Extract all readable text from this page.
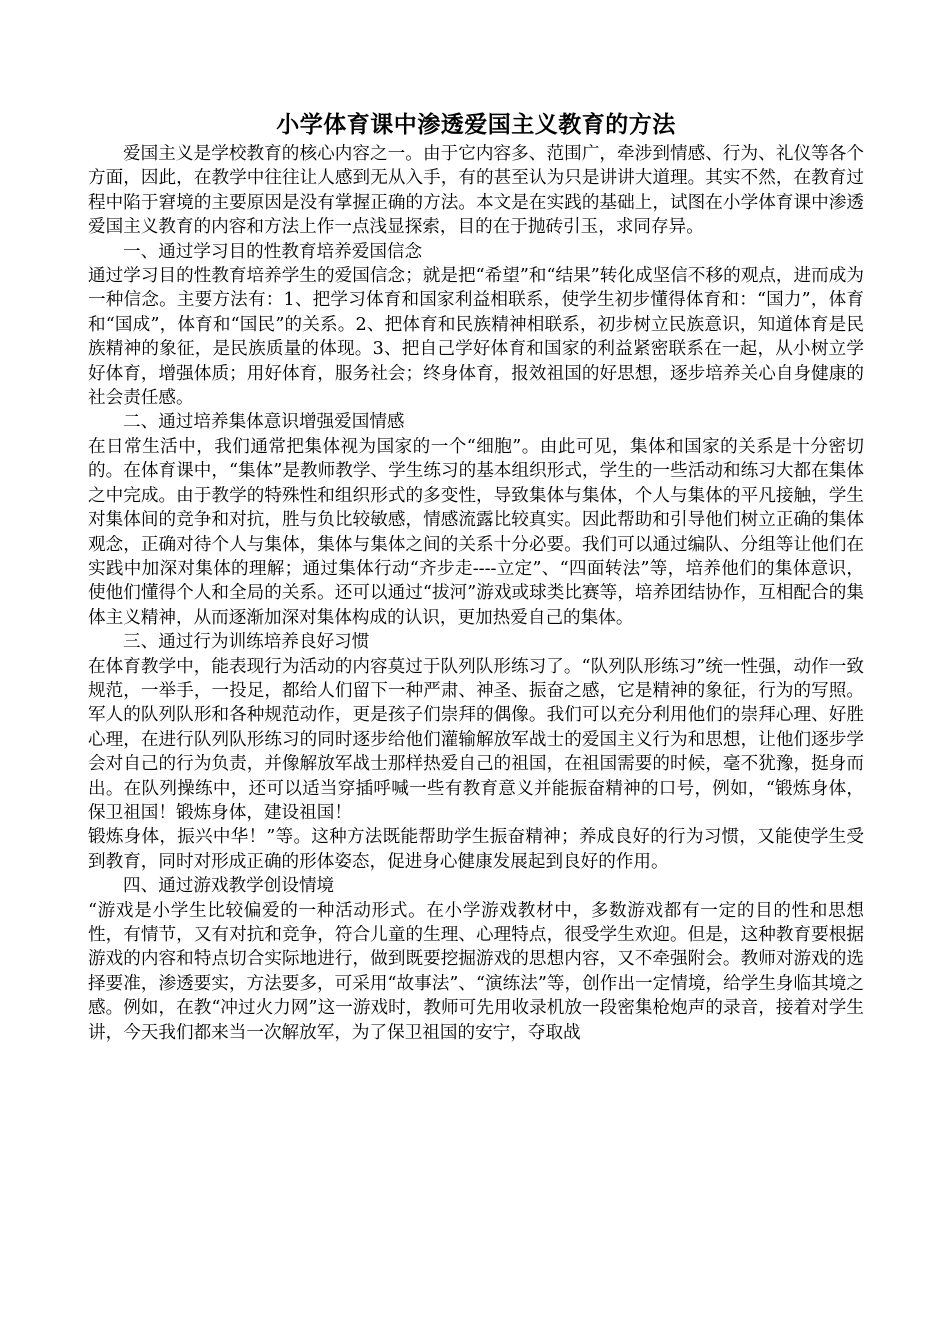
小学体育课中渗透爱国主义教育的方法

爱国主义是学校教育的核心内容之一。由于它内容多、范围广，牵涉到情感、行为、礼仪等各个方面，因此，在教学中往往让人感到无从入手，有的甚至认为只是讲讲大道理。其实不然，在教育过程中陷于窘境的主要原因是没有掌握正确的方法。本文是在实践的基础上，试图在小学体育课中渗透爱国主义教育的内容和方法上作一点浅显探索，目的在于抛砖引玉，求同存异。

一、通过学习目的性教育培养爱国信念

通过学习目的性教育培养学生的爱国信念；就是把“希望”和“结果”转化成坚信不移的观点，进而成为一种信念。主要方法有：1、把学习体育和国家利益相联系，使学生初步懂得体育和：“国力”，体育和“国成”，体育和“国民”的关系。2、把体育和民族精神相联系，初步树立民族意识，知道体育是民族精神的象征，是民族质量的体现。3、把自己学好体育和国家的利益紧密联系在一起，从小树立学好体育，增强体质；用好体育，服务社会；终身体育，报效祖国的好思想，逐步培养关心自身健康的社会责任感。

二、通过培养集体意识增强爱国情感

在日常生活中，我们通常把集体视为国家的一个“细胞”。由此可见，集体和国家的关系是十分密切的。在体育课中，“集体”是教师教学、学生练习的基本组织形式，学生的一些活动和练习大都在集体之中完成。由于教学的特殊性和组织形式的多变性，导致集体与集体，个人与集体的平凡接触，学生对集体间的竞争和对抗，胜与负比较敏感，情感流露比较真实。因此帮助和引导他们树立正确的集体观念，正确对待个人与集体，集体与集体之间的关系十分必要。我们可以通过编队、分组等让他们在实践中加深对集体的理解；通过集体行动“齐步走----立定”、“四面转法”等，培养他们的集体意识，使他们懂得个人和全局的关系。还可以通过“拔河”游戏或球类比赛等，培养团结协作，互相配合的集体主义精神，从而逐渐加深对集体构成的认识，更加热爱自己的集体。

三、通过行为训练培养良好习惯

在体育教学中，能表现行为活动的内容莫过于队列队形练习了。“队列队形练习”统一性强，动作一致规范，一举手，一投足，都给人们留下一种严肃、神圣、振奋之感，它是精神的象征，行为的写照。军人的队列队形和各种规范动作，更是孩子们崇拜的偶像。我们可以充分利用他们的崇拜心理、好胜心理，在进行队列队形练习的同时逐步给他们灌输解放军战士的爱国主义行为和思想，让他们逐步学会对自己的行为负责，并像解放军战士那样热爱自己的祖国，在祖国需要的时候，毫不犹豫，挺身而出。在队列操练中，还可以适当穿插呼喊一些有教育意义并能振奋精神的口号，例如，“锻炼身体，保卫祖国！锻炼身体，建设祖国！

锻炼身体，振兴中华！”等。这种方法既能帮助学生振奋精神；养成良好的行为习惯，又能使学生受到教育，同时对形成正确的形体姿态，促进身心健康发展起到良好的作用。

四、通过游戏教学创设情境

“游戏是小学生比较偏爱的一种活动形式。在小学游戏教材中，多数游戏都有一定的目的性和思想性，有情节，又有对抗和竞争，符合儿童的生理、心理特点，很受学生欢迎。但是，这种教育要根据游戏的内容和特点切合实际地进行，做到既要挖掘游戏的思想内容，又不牵强附会。教师对游戏的选择要准，渗透要实，方法要多，可采用“故事法”、“演练法”等，创作出一定情境，给学生身临其境之感。例如，在教“冲过火力网”这一游戏时，教师可先用收录机放一段密集枪炮声的录音，接着对学生讲，今天我们都来当一次解放军，为了保卫祖国的安宁，夺取战
